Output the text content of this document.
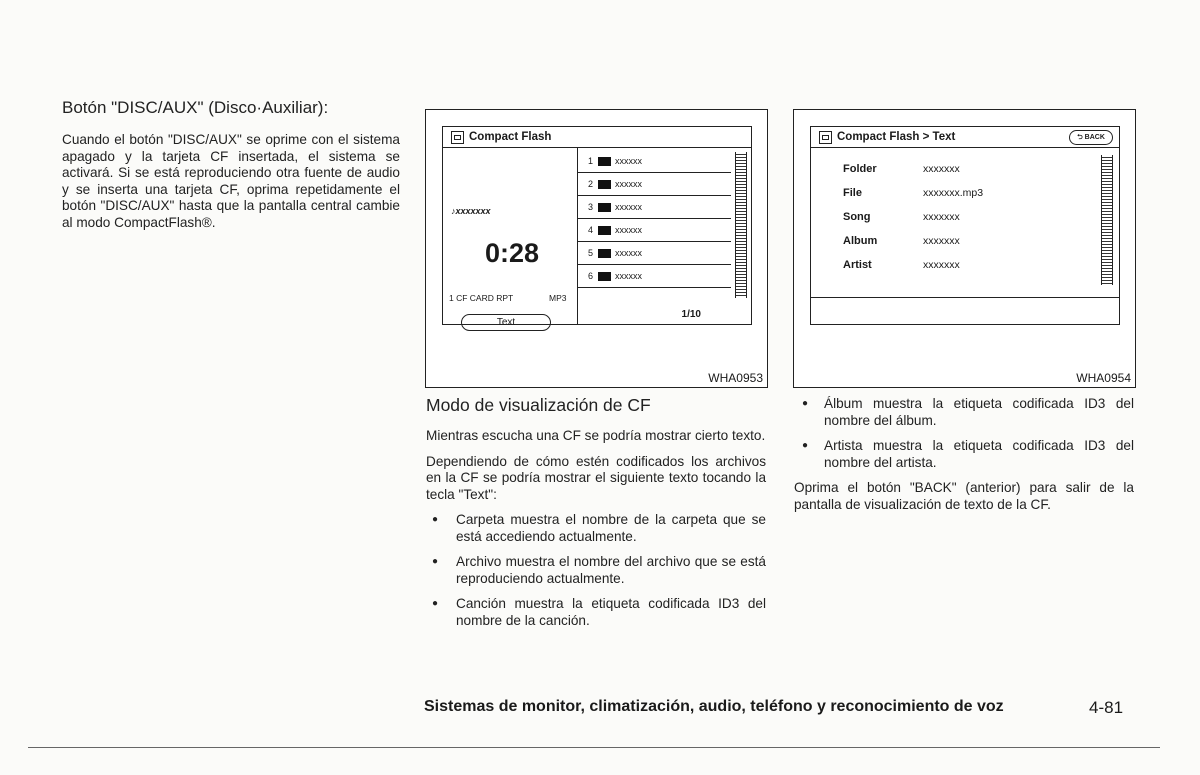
Botón "DISC/AUX" (Disco·Auxiliar):

Cuando el botón "DISC/AUX" se oprime con el sistema apagado y la tarjeta CF insertada, el sistema se activará. Si se está reproduciendo otra fuente de audio y se inserta una tarjeta CF, oprima repetidamente el botón "DISC/AUX" hasta que la pantalla central cambie al modo CompactFlash®.

Compact Flash
♪xxxxxxx
0:28
1 CF CARD RPT	MP3
Text
1 xxxxxx
2 xxxxxx
3 xxxxxx
4 xxxxxx
5 xxxxxx
6 xxxxxx
1/10
WHA0953
Compact Flash > Text	⮌ BACK
Folder	xxxxxxx
File	xxxxxxx.mp3
Song	xxxxxxx
Album	xxxxxxx
Artist	xxxxxxx
WHA0954
Modo de visualización de CF

Mientras escucha una CF se podría mostrar cierto texto.

Dependiendo de cómo estén codificados los archivos en la CF se podría mostrar el siguiente texto tocando la tecla "Text":

● Carpeta muestra el nombre de la carpeta que se está accediendo actualmente.
● Archivo muestra el nombre del archivo que se está reproduciendo actualmente.
● Canción muestra la etiqueta codificada ID3 del nombre de la canción.
● Álbum muestra la etiqueta codificada ID3 del nombre del álbum.
● Artista muestra la etiqueta codificada ID3 del nombre del artista.

Oprima el botón "BACK" (anterior) para salir de la pantalla de visualización de texto de la CF.

Sistemas de monitor, climatización, audio, teléfono y reconocimiento de voz	4-81
